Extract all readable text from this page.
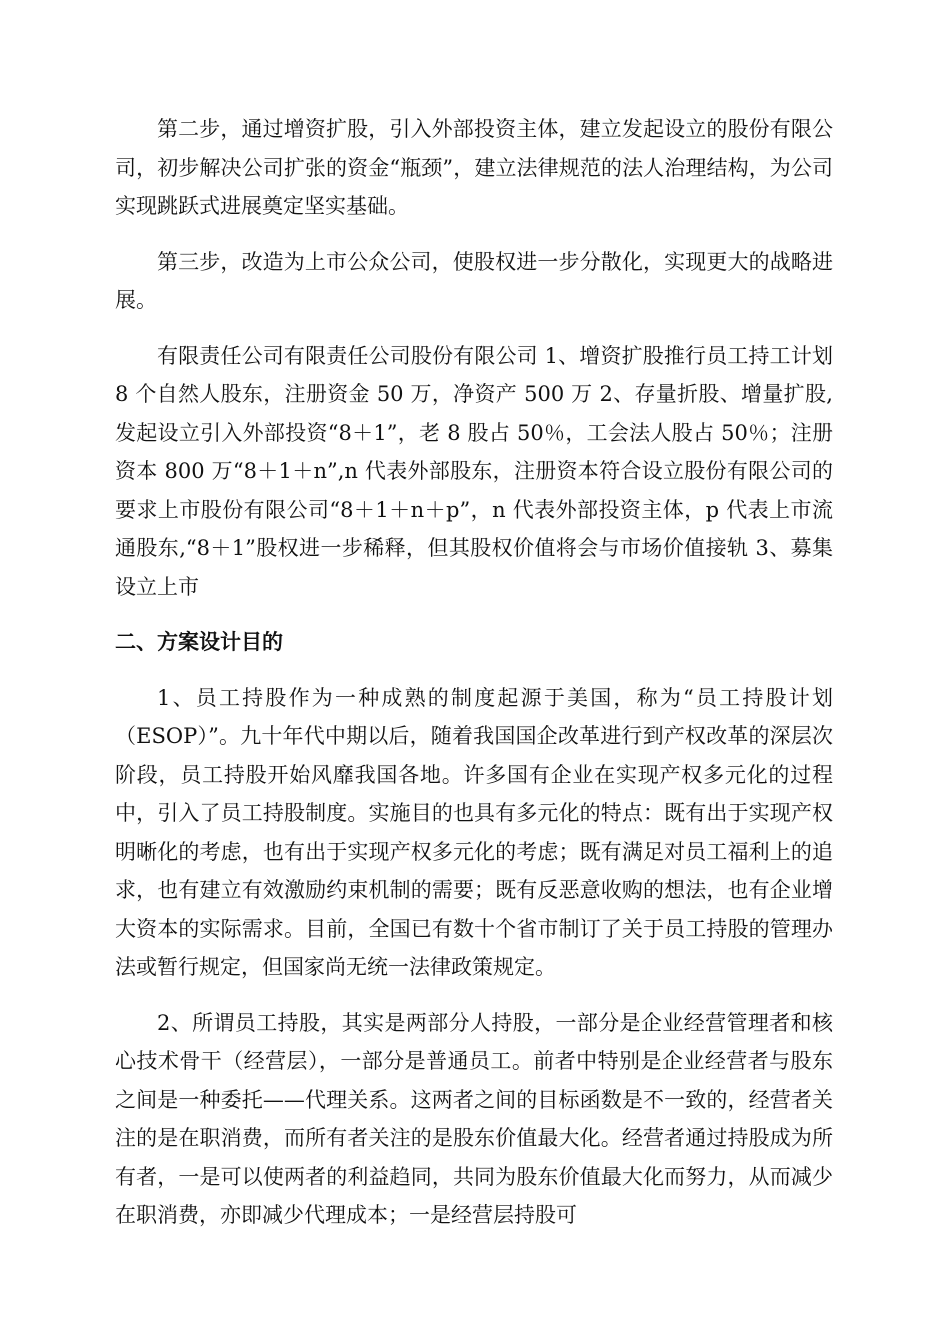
第二步，通过增资扩股，引入外部投资主体，建立发起设立的股份有限公司，初步解决公司扩张的资金“瓶颈”，建立法律规范的法人治理结构，为公司实现跳跃式进展奠定坚实基础。

第三步，改造为上市公众公司，使股权进一步分散化，实现更大的战略进展。

有限责任公司有限责任公司股份有限公司 1、增资扩股推行员工持工计划 8 个自然人股东，注册资金 50 万，净资产 500 万 2、存量折股、增量扩股,发起设立引入外部投资“8＋1”，老 8 股占 50％，工会法人股占 50％；注册资本 800 万“8＋1＋n”,n 代表外部股东，注册资本符合设立股份有限公司的要求上市股份有限公司“8＋1＋n＋p”，n 代表外部投资主体，p 代表上市流通股东,“8＋1”股权进一步稀释，但其股权价值将会与市场价值接轨 3、募集设立上市

二、方案设计目的

1、员工持股作为一种成熟的制度起源于美国，称为“员工持股计划（ESOP）”。九十年代中期以后，随着我国国企改革进行到产权改革的深层次阶段，员工持股开始风靡我国各地。许多国有企业在实现产权多元化的过程中，引入了员工持股制度。实施目的也具有多元化的特点：既有出于实现产权明晰化的考虑，也有出于实现产权多元化的考虑；既有满足对员工福利上的追求，也有建立有效激励约束机制的需要；既有反恶意收购的想法，也有企业增大资本的实际需求。目前，全国已有数十个省市制订了关于员工持股的管理办法或暂行规定，但国家尚无统一法律政策规定。

2、所谓员工持股，其实是两部分人持股，一部分是企业经营管理者和核心技术骨干（经营层），一部分是普通员工。前者中特别是企业经营者与股东之间是一种委托——代理关系。这两者之间的目标函数是不一致的，经营者关注的是在职消费，而所有者关注的是股东价值最大化。经营者通过持股成为所有者，一是可以使两者的利益趋同，共同为股东价值最大化而努力，从而减少在职消费，亦即减少代理成本；一是经营层持股可
